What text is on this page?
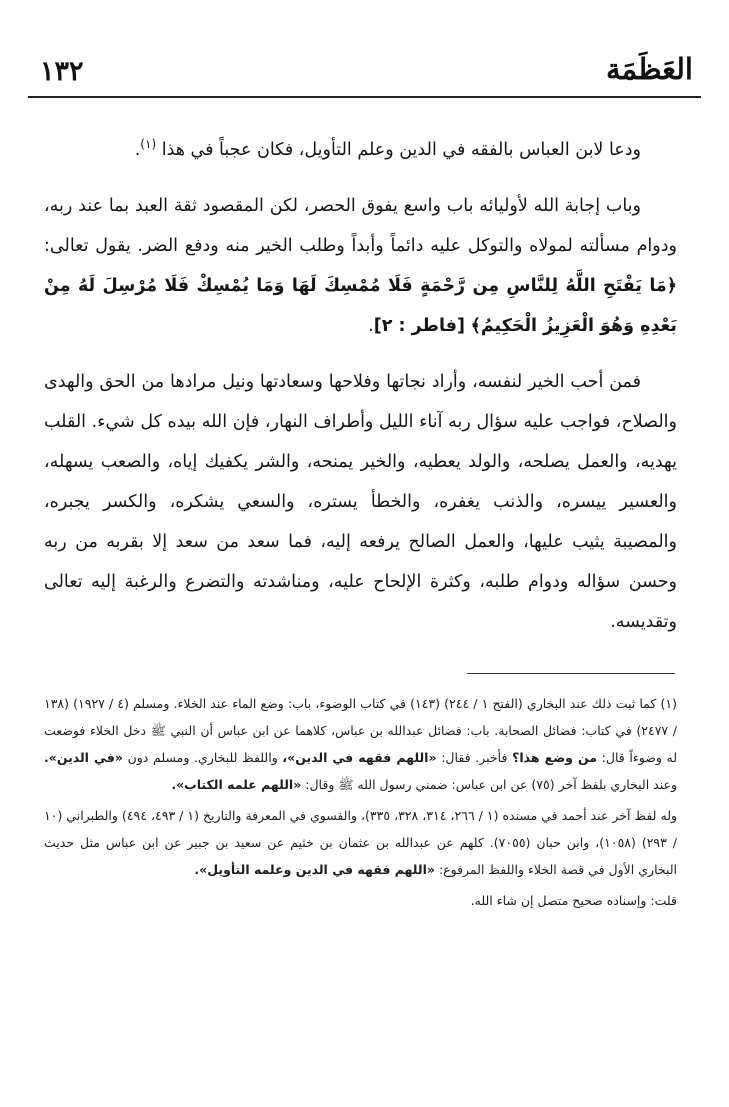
١٣٢	العَظَمَة

ودعا لابن العباس بالفقه في الدين وعلم التأويل، فكان عجباً في هذا $^{(١)}$.

وباب إجابة الله لأوليائه باب واسع يفوق الحصر، لكن المقصود ثقة العبد بما عند ربه، ودوام مسألته لمولاه والتوكل عليه دائماً وأبداً وطلب الخير منه ودفع الضر. يقول تعالى: ﴿مَا يَفْتَحِ اللَّهُ لِلنَّاسِ مِن رَّحْمَةٍ فَلَا مُمْسِكَ لَهَا وَمَا يُمْسِكْ فَلَا مُرْسِلَ لَهُ مِنْ بَعْدِهِ وَهُوَ الْعَزِيزُ الْحَكِيمُ﴾ [فاطر : ٢].

فمن أحب الخير لنفسه، وأراد نجاتها وفلاحها وسعادتها ونيل مرادها من الحق والهدى والصلاح، فواجب عليه سؤال ربه آناء الليل وأطراف النهار، فإن الله بيده كل شيء. القلب يهديه، والعمل يصلحه، والولد يعطيه، والخير يمنحه، والشر يكفيك إياه، والصعب يسهله، والعسير ييسره، والذنب يغفره، والخطأ يستره، والسعي يشكره، والكسر يجبره، والمصيبة يثيب عليها، والعمل الصالح يرفعه إليه، فما سعد من سعد إلا بقربه من ربه وحسن سؤاله ودوام طلبه، وكثرة الإلحاح عليه، ومناشدته والتضرع والرغبة إليه تعالى وتقديسه.

(١) كما ثبت ذلك عند البخاري (الفتح ١ / ٢٤٤) (١٤٣) في كتاب الوضوء، باب: وضع الماء عند الخلاء. ومسلم (٤ / ١٩٢٧) (١٣٨ / ٢٤٧٧) في كتاب: فضائل الصحابة. باب: فضائل عبدالله بن عباس، كلاهما عن ابن عباس أن النبي ﷺ دخل الخلاء فوضعت له وضوءاً قال: من وضع هذا؟ فأخبر. فقال: «اللهم فقهه في الدين»، واللفظ للبخاري. ومسلم دون «في الدين». وعند البخاري بلفظ آخر (٧٥) عن ابن عباس: ضمني رسول الله ﷺ وقال: «اللهم علمه الكتاب».

وله لفظ آخر عند أحمد في مسنده (١ / ٢٦٦، ٣١٤، ٣٢٨، ٣٣٥)، والفسوي في المعرفة والتاريخ (١ / ٤٩٣، ٤٩٤) والطبراني (١٠ / ٢٩٣) (١٠٥٨)، وابن حبان (٧٠٥٥). كلهم عن عبدالله بن عثمان بن خثيم عن سعيد بن جبير عن ابن عباس مثل حديث البخاري الأول في قصة الخلاء واللفظ المرفوع: «اللهم فقهه في الدين وعلمه التأويل».

قلت: وإسناده صحيح متصل إن شاء الله.
